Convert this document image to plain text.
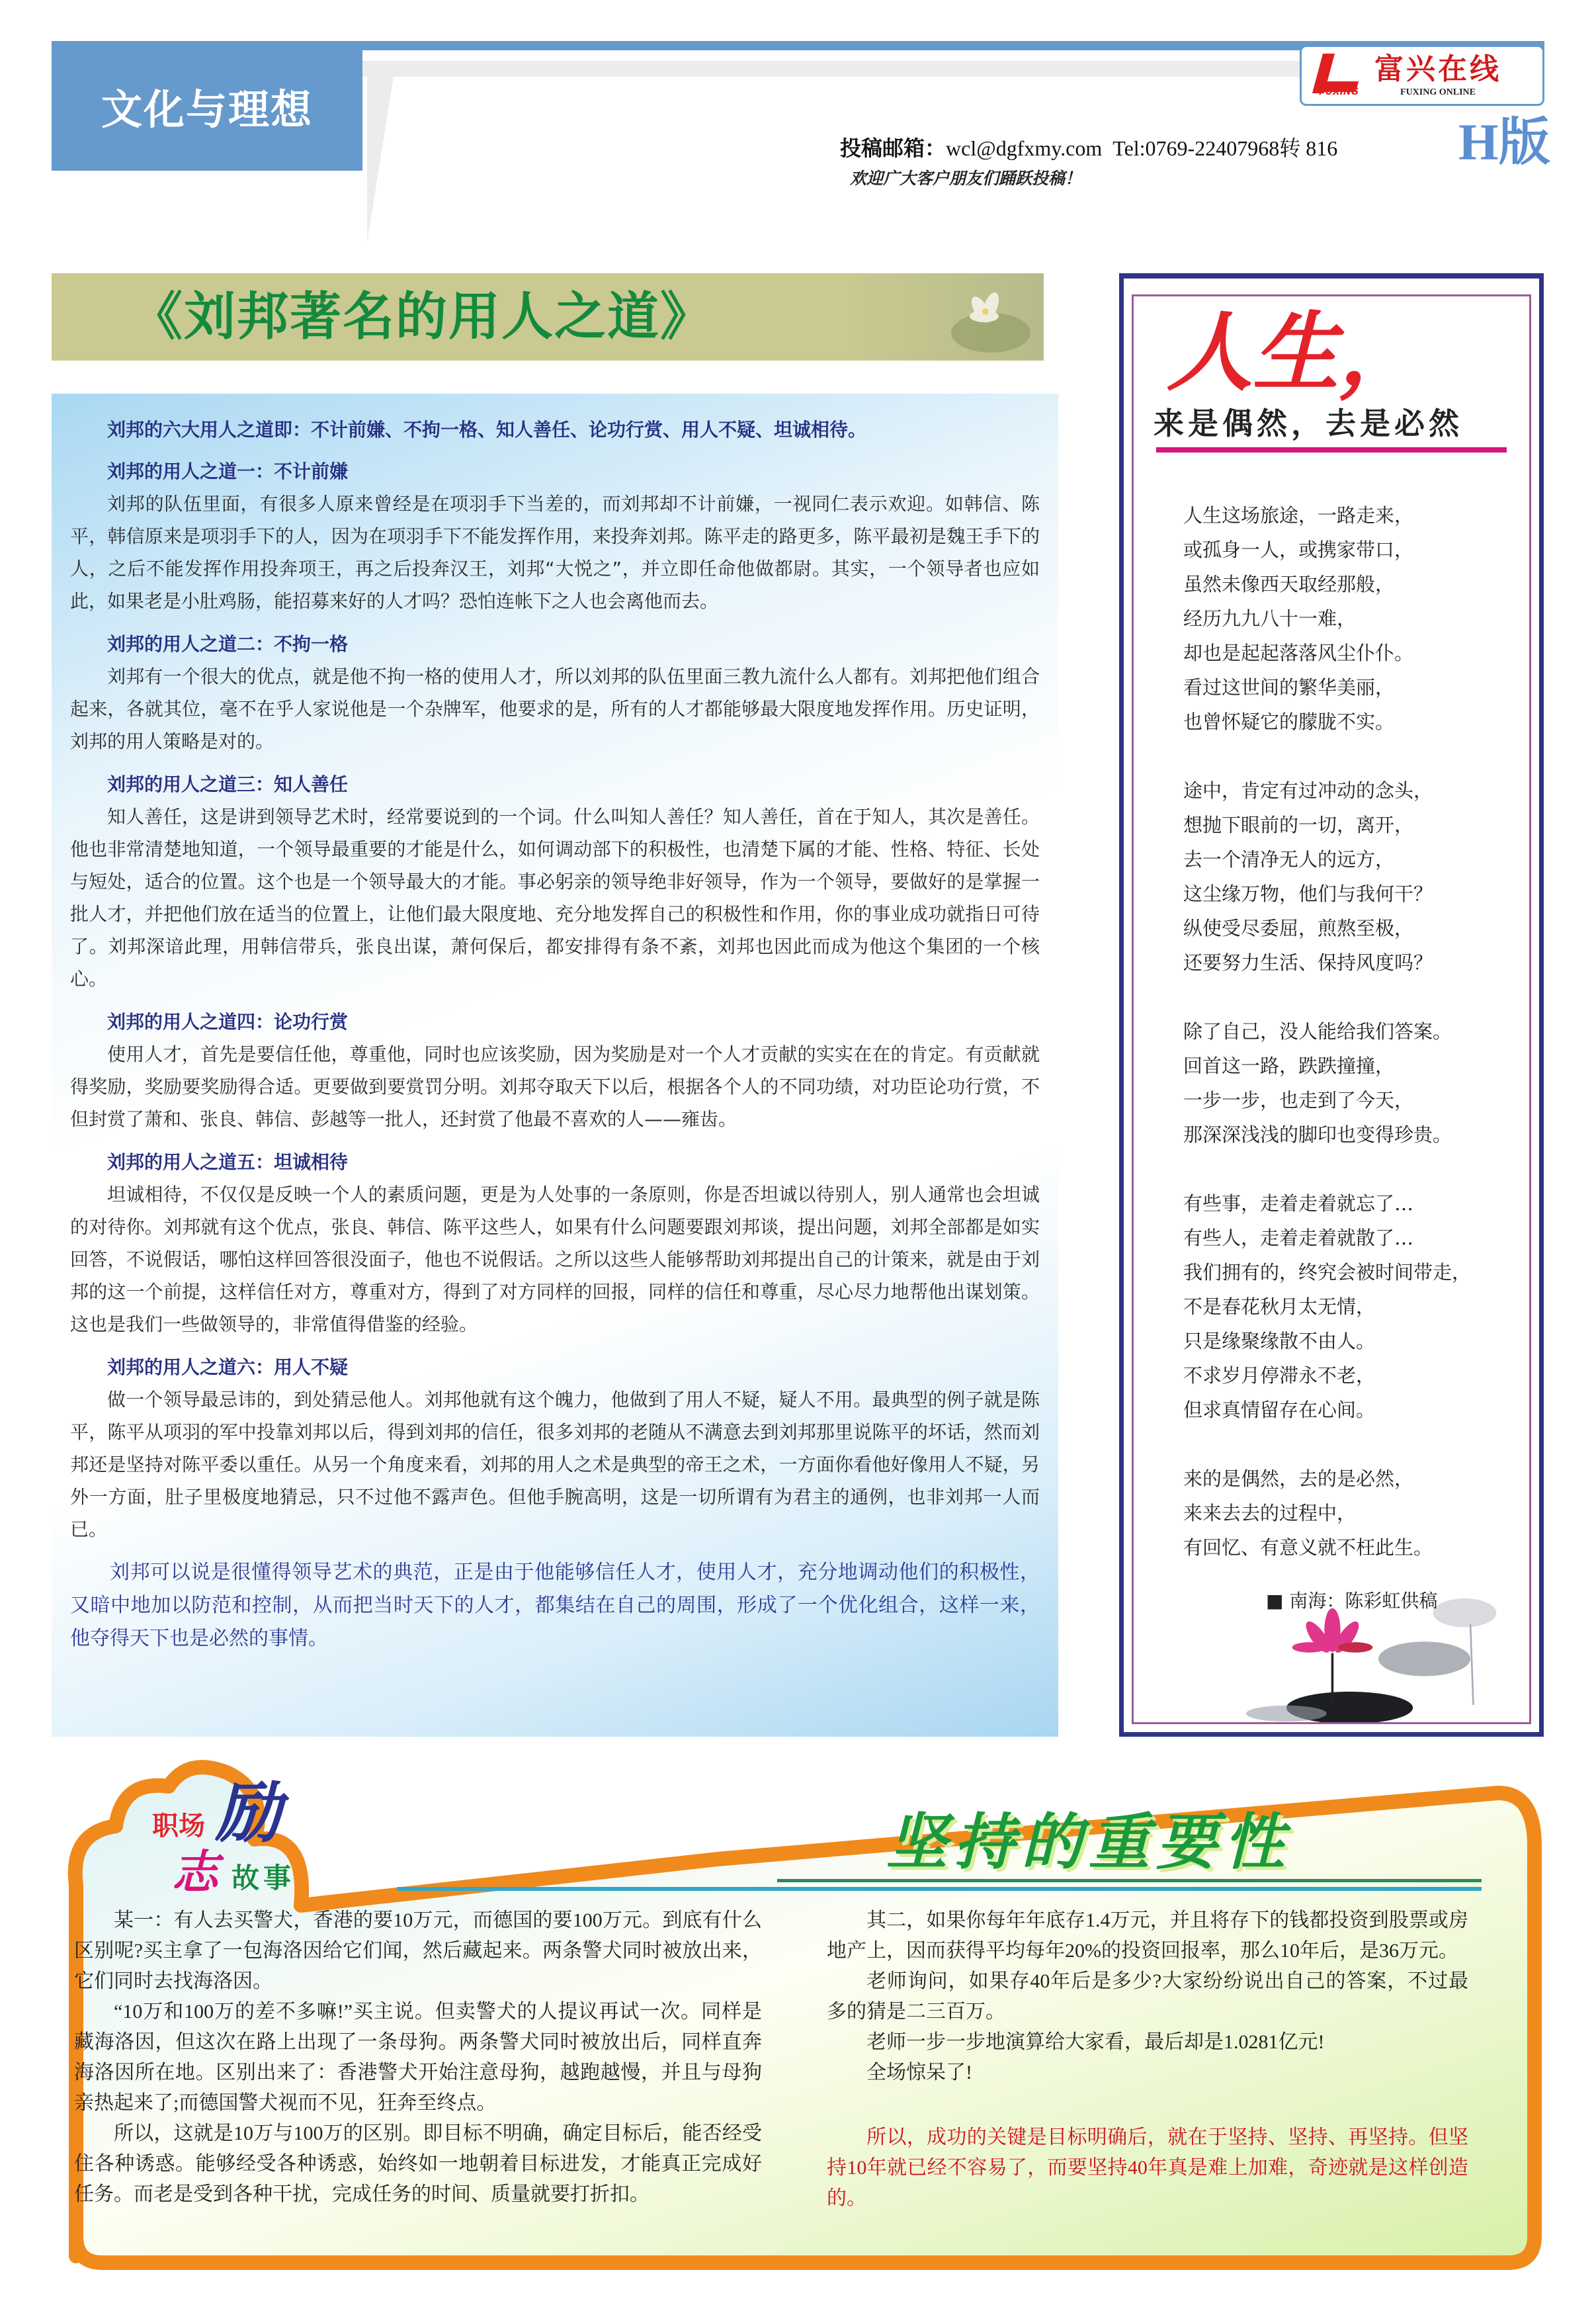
文化与理想	FUXING
富兴在线
FUXING ONLINE
投稿邮箱：wcl@dgfxmy.com Tel:0769-22407968转 816
欢迎广大客户朋友们踊跃投稿！
H版
《刘邦著名的用人之道》

刘邦的六大用人之道即：不计前嫌、不拘一格、知人善任、论功行赏、用人不疑、坦诚相待。

刘邦的用人之道一：不计前嫌

刘邦的队伍里面，有很多人原来曾经是在项羽手下当差的，而刘邦却不计前嫌，一视同仁表示欢迎。如韩信、陈平，韩信原来是项羽手下的人，因为在项羽手下不能发挥作用，来投奔刘邦。陈平走的路更多，陈平最初是魏王手下的人，之后不能发挥作用投奔项王，再之后投奔汉王，刘邦“大悦之”，并立即任命他做都尉。其实，一个领导者也应如此，如果老是小肚鸡肠，能招募来好的人才吗？恐怕连帐下之人也会离他而去。

刘邦的用人之道二：不拘一格

刘邦有一个很大的优点，就是他不拘一格的使用人才，所以刘邦的队伍里面三教九流什么人都有。刘邦把他们组合起来，各就其位，毫不在乎人家说他是一个杂牌军，他要求的是，所有的人才都能够最大限度地发挥作用。历史证明，刘邦的用人策略是对的。

刘邦的用人之道三：知人善任

知人善任，这是讲到领导艺术时，经常要说到的一个词。什么叫知人善任？知人善任，首在于知人，其次是善任。他也非常清楚地知道，一个领导最重要的才能是什么，如何调动部下的积极性，也清楚下属的才能、性格、特征、长处与短处，适合的位置。这个也是一个领导最大的才能。事必躬亲的领导绝非好领导，作为一个领导，要做好的是掌握一批人才，并把他们放在适当的位置上，让他们最大限度地、充分地发挥自己的积极性和作用，你的事业成功就指日可待了。刘邦深谙此理，用韩信带兵，张良出谋，萧何保后，都安排得有条不紊，刘邦也因此而成为他这个集团的一个核心。

刘邦的用人之道四：论功行赏

使用人才，首先是要信任他，尊重他，同时也应该奖励，因为奖励是对一个人才贡献的实实在在的肯定。有贡献就得奖励，奖励要奖励得合适。更要做到要赏罚分明。刘邦夺取天下以后，根据各个人的不同功绩，对功臣论功行赏，不但封赏了萧和、张良、韩信、彭越等一批人，还封赏了他最不喜欢的人——雍齿。

刘邦的用人之道五：坦诚相待

坦诚相待，不仅仅是反映一个人的素质问题，更是为人处事的一条原则，你是否坦诚以待别人，别人通常也会坦诚的对待你。刘邦就有这个优点，张良、韩信、陈平这些人，如果有什么问题要跟刘邦谈，提出问题，刘邦全部都是如实回答，不说假话，哪怕这样回答很没面子，他也不说假话。之所以这些人能够帮助刘邦提出自己的计策来，就是由于刘邦的这一个前提，这样信任对方，尊重对方，得到了对方同样的回报，同样的信任和尊重，尽心尽力地帮他出谋划策。这也是我们一些做领导的，非常值得借鉴的经验。

刘邦的用人之道六：用人不疑

做一个领导最忌讳的，到处猜忌他人。刘邦他就有这个魄力，他做到了用人不疑，疑人不用。最典型的例子就是陈平，陈平从项羽的军中投靠刘邦以后，得到刘邦的信任，很多刘邦的老随从不满意去到刘邦那里说陈平的坏话，然而刘邦还是坚持对陈平委以重任。从另一个角度来看，刘邦的用人之术是典型的帝王之术，一方面你看他好像用人不疑，另外一方面，肚子里极度地猜忌，只不过他不露声色。但他手腕高明，这是一切所谓有为君主的通例，也非刘邦一人而已。

刘邦可以说是很懂得领导艺术的典范，正是由于他能够信任人才，使用人才，充分地调动他们的积极性，又暗中地加以防范和控制，从而把当时天下的人才，都集结在自己的周围，形成了一个优化组合，这样一来，他夺得天下也是必然的事情。

人生，
来是偶然，去是必然
人生这场旅途，一路走来，
或孤身一人，或携家带口，
虽然未像西天取经那般，
经历九九八十一难，
却也是起起落落风尘仆仆。
看过这世间的繁华美丽，
也曾怀疑它的朦胧不实。
途中，肯定有过冲动的念头，
想抛下眼前的一切，离开，
去一个清净无人的远方，
这尘缘万物，他们与我何干？
纵使受尽委屈，煎熬至极，
还要努力生活、保持风度吗？
除了自己，没人能给我们答案。
回首这一路，跌跌撞撞，
一步一步，也走到了今天，
那深深浅浅的脚印也变得珍贵。
有些事，走着走着就忘了…
有些人，走着走着就散了…
我们拥有的，终究会被时间带走，
不是春花秋月太无情，
只是缘聚缘散不由人。
不求岁月停滞永不老，
但求真情留存在心间。
来的是偶然，去的是必然，
来来去去的过程中，
有回忆、有意义就不枉此生。
■ 南海：陈彩虹供稿
职场 励
志 故事
坚持的重要性

某一：有人去买警犬，香港的要10万元，而德国的要100万元。到底有什么区别呢?买主拿了一包海洛因给它们闻，然后藏起来。两条警犬同时被放出来，它们同时去找海洛因。

“10万和100万的差不多嘛!”买主说。但卖警犬的人提议再试一次。同样是藏海洛因，但这次在路上出现了一条母狗。两条警犬同时被放出后，同样直奔海洛因所在地。区别出来了：香港警犬开始注意母狗，越跑越慢，并且与母狗亲热起来了;而德国警犬视而不见，狂奔至终点。

所以，这就是10万与100万的区别。即目标不明确，确定目标后，能否经受住各种诱惑。能够经受各种诱惑，始终如一地朝着目标进发，才能真正完成好任务。而老是受到各种干扰，完成任务的时间、质量就要打折扣。

其二，如果你每年年底存1.4万元，并且将存下的钱都投资到股票或房地产上，因而获得平均每年20%的投资回报率，那么10年后，是36万元。

老师询问，如果存40年后是多少?大家纷纷说出自己的答案，不过最多的猜是二三百万。

老师一步一步地演算给大家看，最后却是1.0281亿元!

全场惊呆了!

所以，成功的关键是目标明确后，就在于坚持、坚持、再坚持。但坚持10年就已经不容易了，而要坚持40年真是难上加难，奇迹就是这样创造的。
